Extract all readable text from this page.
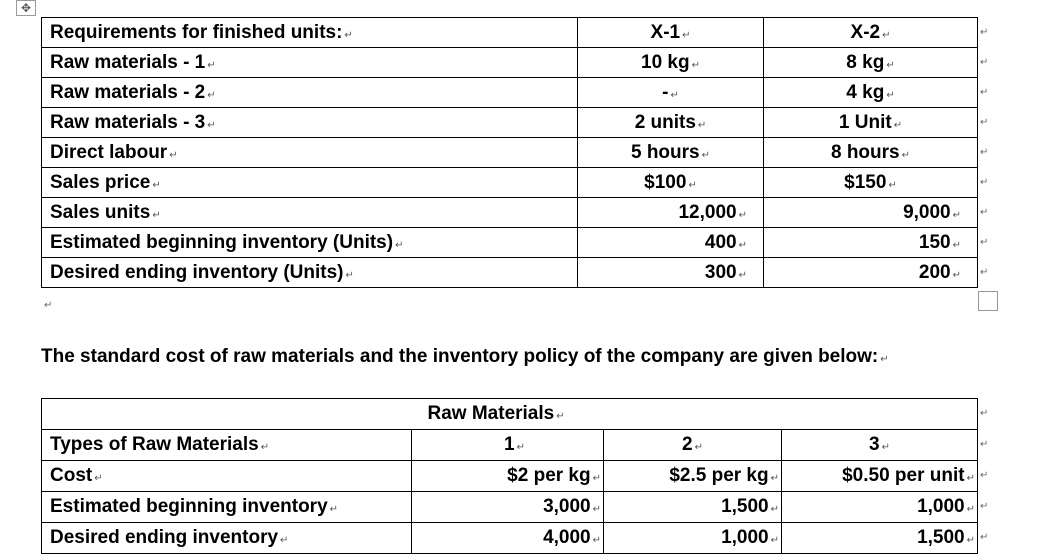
✥
Requirements for finished units: ↵	X-1 ↵	X-2 ↵
Raw materials - 1 ↵	10 kg ↵	8 kg ↵
Raw materials - 2 ↵	- ↵	4 kg ↵
Raw materials - 3 ↵	2 units ↵	1 Unit ↵
Direct labour ↵	5 hours ↵	8 hours ↵
Sales price ↵	$100 ↵	$150 ↵
Sales units ↵	12,000 ↵	9,000 ↵
Estimated beginning inventory (Units) ↵	400 ↵	150 ↵
Desired ending inventory (Units) ↵	300 ↵	200 ↵
↵
↵
↵
↵
↵
↵
↵
↵
↵
↵
The standard cost of raw materials and the inventory policy of the company are given below: ↵
	Raw Materials ↵		
Types of Raw Materials ↵	1 ↵	2 ↵	3 ↵
Cost ↵	$2 per kg ↵	$2.5 per kg ↵	$0.50 per unit ↵
Estimated beginning inventory ↵	3,000 ↵	1,500 ↵	1,000 ↵
Desired ending inventory ↵	4,000 ↵	1,000 ↵	1,500 ↵
↵
↵
↵
↵
↵
